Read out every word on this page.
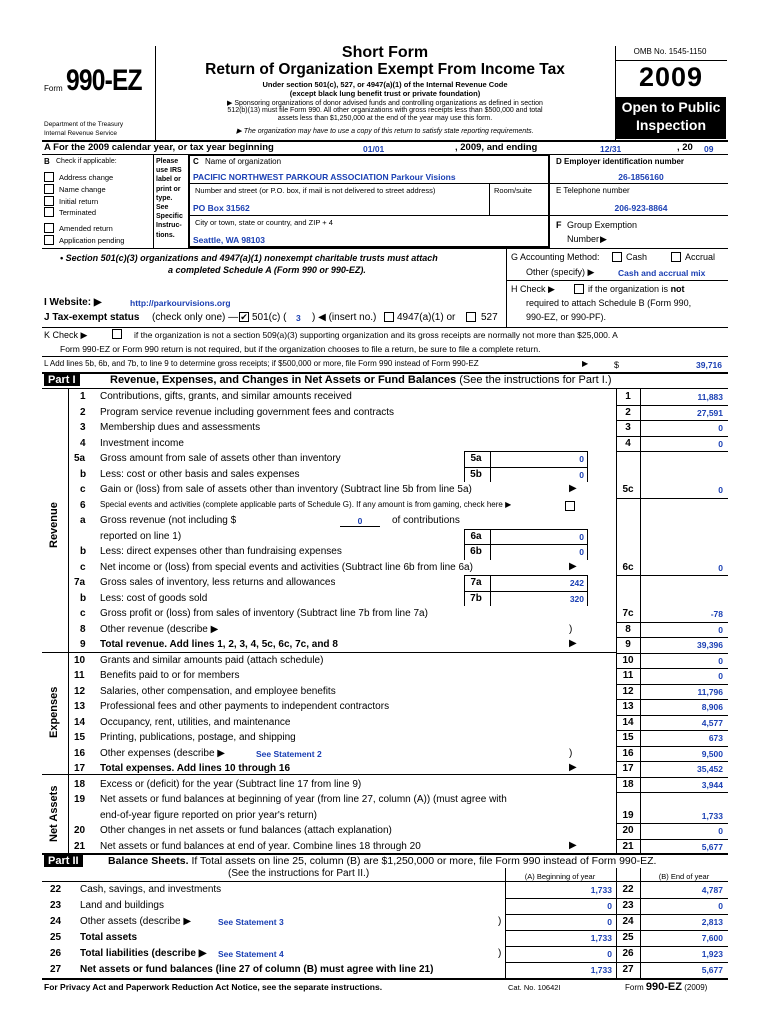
Form 990-EZ
Department of the Treasury
Internal Revenue Service
Short Form
Return of Organization Exempt From Income Tax
Under section 501(c), 527, or 4947(a)(1) of the Internal Revenue Code
(except black lung benefit trust or private foundation)
▶ Sponsoring organizations of donor advised funds and controlling organizations as defined in section
512(b)(13) must file Form 990. All other organizations with gross receipts less than $500,000 and total
assets less than $1,250,000 at the end of the year may use this form.
▶ The organization may have to use a copy of this return to satisfy state reporting requirements.
OMB No. 1545-1150
2009
Open to Public
Inspection
A For the 2009 calendar year, or tax year beginning	01/01	, 2009, and ending	12/31	, 20 09
B Check if applicable:
Address change
Name change
Initial return
Terminated
Amended return
Application pending
Please
use IRS
label or
print or
type.
See
Specific
Instruc-
tions.
C Name of organization
PACIFIC NORTHWEST PARKOUR ASSOCIATION Parkour Visions
Number and street (or P.O. box, if mail is not delivered to street address)	Room/suite
PO Box 31562
City or town, state or country, and ZIP + 4
Seattle, WA 98103
D Employer identification number
26-1856160
E Telephone number
206-923-8864
F Group Exemption
Number ▶
• Section 501(c)(3) organizations and 4947(a)(1) nonexempt charitable trusts must attach
a completed Schedule A (Form 990 or 990-EZ).
G Accounting Method:	Cash	Accrual
Other (specify) ▶	Cash and accrual mix
H Check ▶	if the organization is not
required to attach Schedule B (Form 990,
990-EZ, or 990-PF).
I Website: ▶	http://parkourvisions.org
J Tax-exempt status (check only one) — ✔ 501(c) ( 3 ) ◀ (insert no.) 4947(a)(1) or	527
K Check ▶	if the organization is not a section 509(a)(3) supporting organization and its gross receipts are normally not more than $25,000. A
Form 990-EZ or Form 990 return is not required, but if the organization chooses to file a return, be sure to file a complete return.
L Add lines 5b, 6b, and 7b, to line 9 to determine gross receipts; if $500,000 or more, file Form 990 instead of Form 990-EZ	▶	$	39,716
Part I	Revenue, Expenses, and Changes in Net Assets or Fund Balances (See the instructions for Part I.)
Revenue
Expenses
Net Assets
1 Contributions, gifts, grants, and similar amounts received	1	11,883
2 Program service revenue including government fees and contracts	2	27,591
3 Membership dues and assessments	3	0
4 Investment income	4	0
5a Gross amount from sale of assets other than inventory	5a	0
b Less: cost or other basis and sales expenses	5b	0
c Gain or (loss) from sale of assets other than inventory (Subtract line 5b from line 5a)	5c	0
▶
6 Special events and activities (complete applicable parts of Schedule G). If any amount is from gaming, check here ▶
a Gross revenue (not including $	0	of contributions
reported on line 1)	6a	0
b Less: direct expenses other than fundraising expenses	6b	0
c Net income or (loss) from special events and activities (Subtract line 6b from line 6a)	6c	0
▶
7a Gross sales of inventory, less returns and allowances	7a	242
b Less: cost of goods sold	7b	320
c Gross profit or (loss) from sales of inventory (Subtract line 7b from line 7a)	7c	-78
8 Other revenue (describe ▶	)	8	0
9 Total revenue. Add lines 1, 2, 3, 4, 5c, 6c, 7c, and 8	9	39,396
▶
10 Grants and similar amounts paid (attach schedule)	10	0
11 Benefits paid to or for members	11	0
12 Salaries, other compensation, and employee benefits	12	11,796
13 Professional fees and other payments to independent contractors	13	8,906
14 Occupancy, rent, utilities, and maintenance	14	4,577
15 Printing, publications, postage, and shipping	15	673
16 Other expenses (describe ▶	See Statement 2	)	16	9,500
17 Total expenses. Add lines 10 through 16	17	35,452
▶
18 Excess or (deficit) for the year (Subtract line 17 from line 9)	18	3,944
19 Net assets or fund balances at beginning of year (from line 27, column (A)) (must agree with
end-of-year figure reported on prior year's return)	19	1,733
20 Other changes in net assets or fund balances (attach explanation)	20	0
21 Net assets or fund balances at end of year. Combine lines 18 through 20	21	5,677
▶
Part II	Balance Sheets. If Total assets on line 25, column (B) are $1,250,000 or more, file Form 990 instead of Form 990-EZ.
(See the instructions for Part II.)	(A) Beginning of year	(B) End of year
22 Cash, savings, and investments	1,733	22	4,787
23 Land and buildings	0	23	0
24 Other assets (describe ▶	See Statement 3	)	0	24	2,813
25 Total assets	1,733	25	7,600
26 Total liabilities (describe ▶ See Statement 4	)	0	26	1,923
27 Net assets or fund balances (line 27 of column (B) must agree with line 21)	1,733	27	5,677
For Privacy Act and Paperwork Reduction Act Notice, see the separate instructions.	Cat. No. 10642I	Form 990-EZ (2009)
